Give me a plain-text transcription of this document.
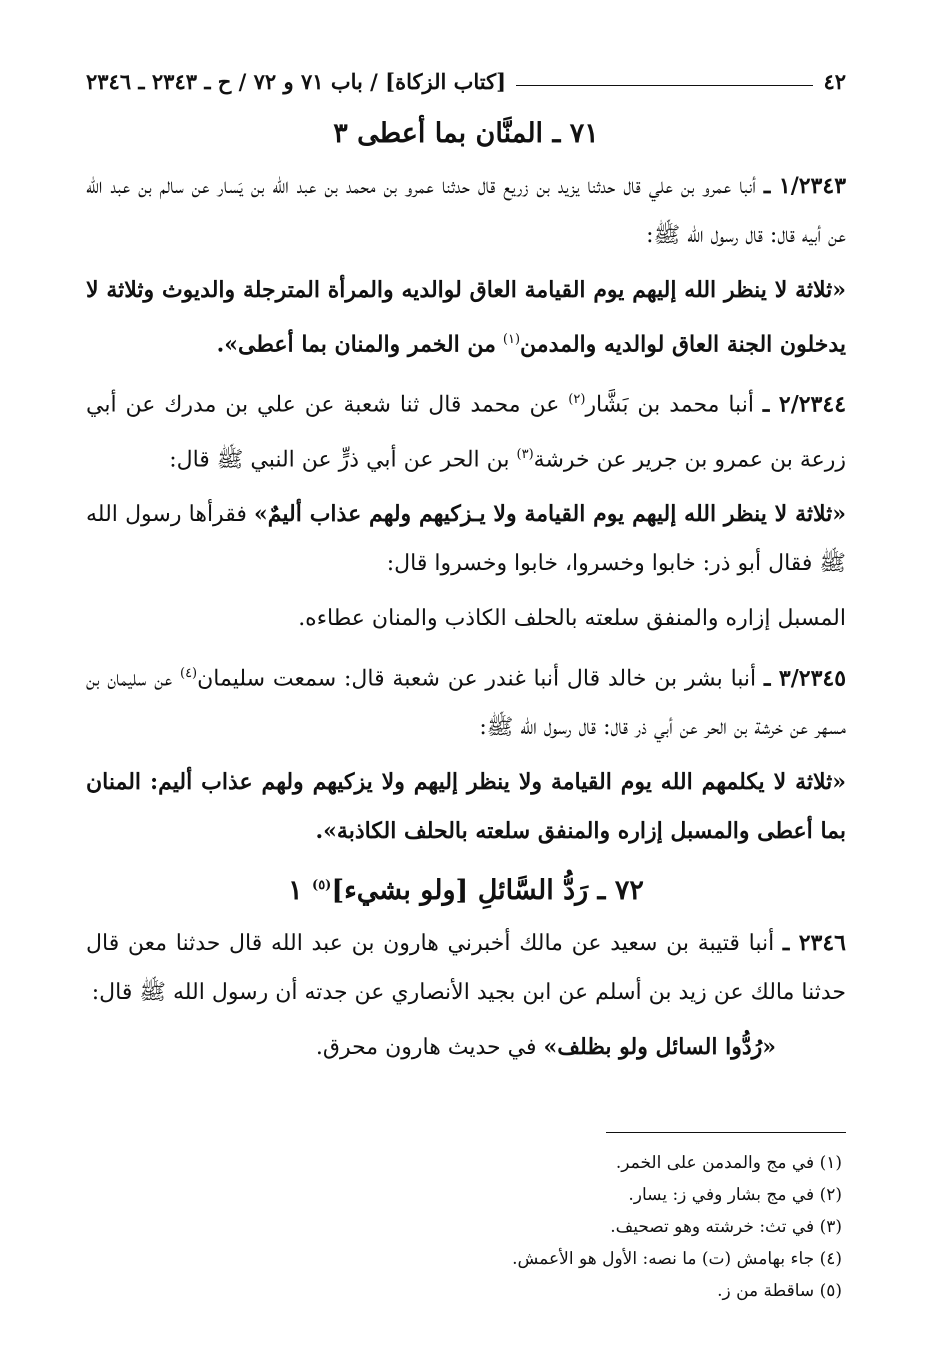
٤٢
[كتاب الزكاة] / باب ٧١ و ٧٢ / ح ـ ٢٣٤٣ ـ ٢٣٤٦
٧١ ـ المنَّان بما أعطى ٣

١/٢٣٤٣ ـ أنبا عمرو بن علي قال حدثنا يزيد بن زريع قال حدثنا عمرو بن محمد بن عبد الله بن يَسار عن سالم بن عبد الله عن أبيه قال: قال رسول الله ﷺ:

«ثلاثة لا ينظر الله إليهم يوم القيامة العاق لوالديه والمرأة المترجلة والديوث وثلاثة لا يدخلون الجنة العاق لوالديه والمدمن$^{(١)}$ من الخمر والمنان بما أعطى».

٢/٢٣٤٤ ـ أنبا محمد بن بَشَّار$^{(٢)}$ عن محمد قال ثنا شعبة عن علي بن مدرك عن أبي زرعة بن عمرو بن جرير عن خرشة$^{(٣)}$ بن الحر عن أبي ذرٍّ عن النبي ﷺ قال:

«ثلاثة لا ينظر الله إليهم يوم القيامة ولا يـزكيهم ولهم عذاب أليمٌ» فقرأها رسول الله ﷺ فقال أبو ذر: خابوا وخسروا، خابوا وخسروا قال:

المسبل إزاره والمنفق سلعته بالحلف الكاذب والمنان عطاءه.

٣/٢٣٤٥ ـ أنبا بشر بن خالد قال أنبا غندر عن شعبة قال: سمعت سليمان$^{(٤)}$ عن سليمان بن مسهر عن خرشة بن الحر عن أبي ذر قال: قال رسول الله ﷺ:

«ثلاثة لا يكلمهم الله يوم القيامة ولا ينظر إليهم ولا يزكيهم ولهم عذاب أليم: المنان بما أعطى والمسبل إزاره والمنفق سلعته بالحلف الكاذبة».

٧٢ ـ رَدُّ السَّائلِ [ولو بشيء]$^{(٥)}$ ١

٢٣٤٦ ـ أنبا قتيبة بن سعيد عن مالك أخبرني هارون بن عبد الله قال حدثنا معن قال حدثنا مالك عن زيد بن أسلم عن ابن بجيد الأنصاري عن جدته أن رسول الله ﷺ قال:

«رُدُّوا السائل ولو بظلف» في حديث هارون محرق.

(١) في مج والمدمن على الخمر.
(٢) في مج بشار وفي ز: يسار.
(٣) في تث: خرشته وهو تصحيف.
(٤) جاء بهامش (ت) ما نصه: الأول هو الأعمش.
(٥) ساقطة من ز.
